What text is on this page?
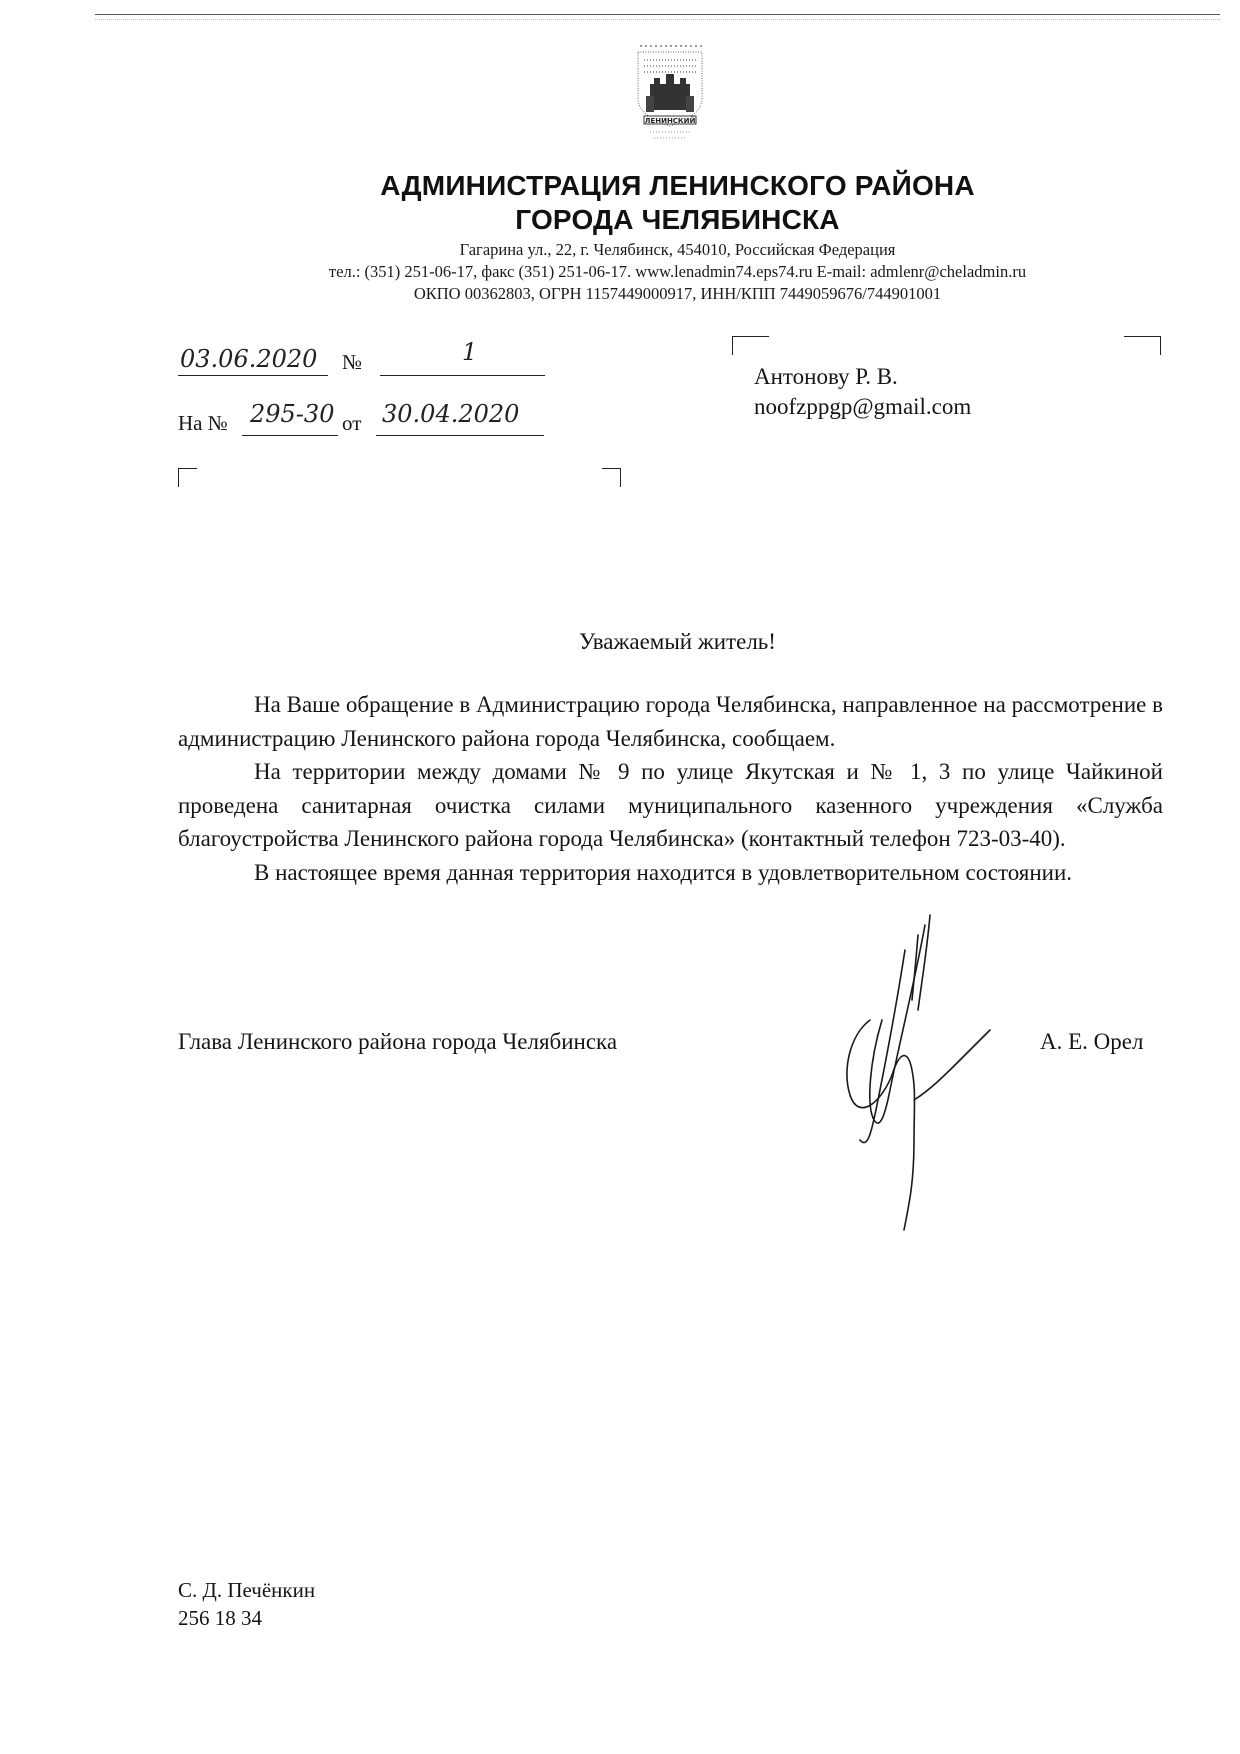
ЛЕНИНСКИЙ
АДМИНИСТРАЦИЯ ЛЕНИНСКОГО РАЙОНА
ГОРОДА ЧЕЛЯБИНСКА
Гагарина ул., 22, г. Челябинск, 454010, Российская Федерация
тел.: (351) 251-06-17, факс (351) 251-06-17. www.lenadmin74.eps74.ru E-mail: admlenr@cheladmin.ru
ОКПО 00362803, ОГРН 1157449000917, ИНН/КПП 7449059676/744901001
03.06.2020 №	1
На № 295-30 от 30.04.2020
Антонову Р. В.
noofzppgp@gmail.com
Уважаемый житель!

На Ваше обращение в Администрацию города Челябинска, направленное на рассмотрение в администрацию Ленинского района города Челябинска, сообщаем.

На территории между домами № 9 по улице Якутская и № 1, 3 по улице Чайкиной проведена санитарная очистка силами муниципального казенного учреждения «Служба благоустройства Ленинского района города Челябинска» (контактный телефон 723-03-40).

В настоящее время данная территория находится в удовлетворительном состоянии.

Глава Ленинского района города Челябинска	А. Е. Орел
С. Д. Печёнкин
256 18 34
